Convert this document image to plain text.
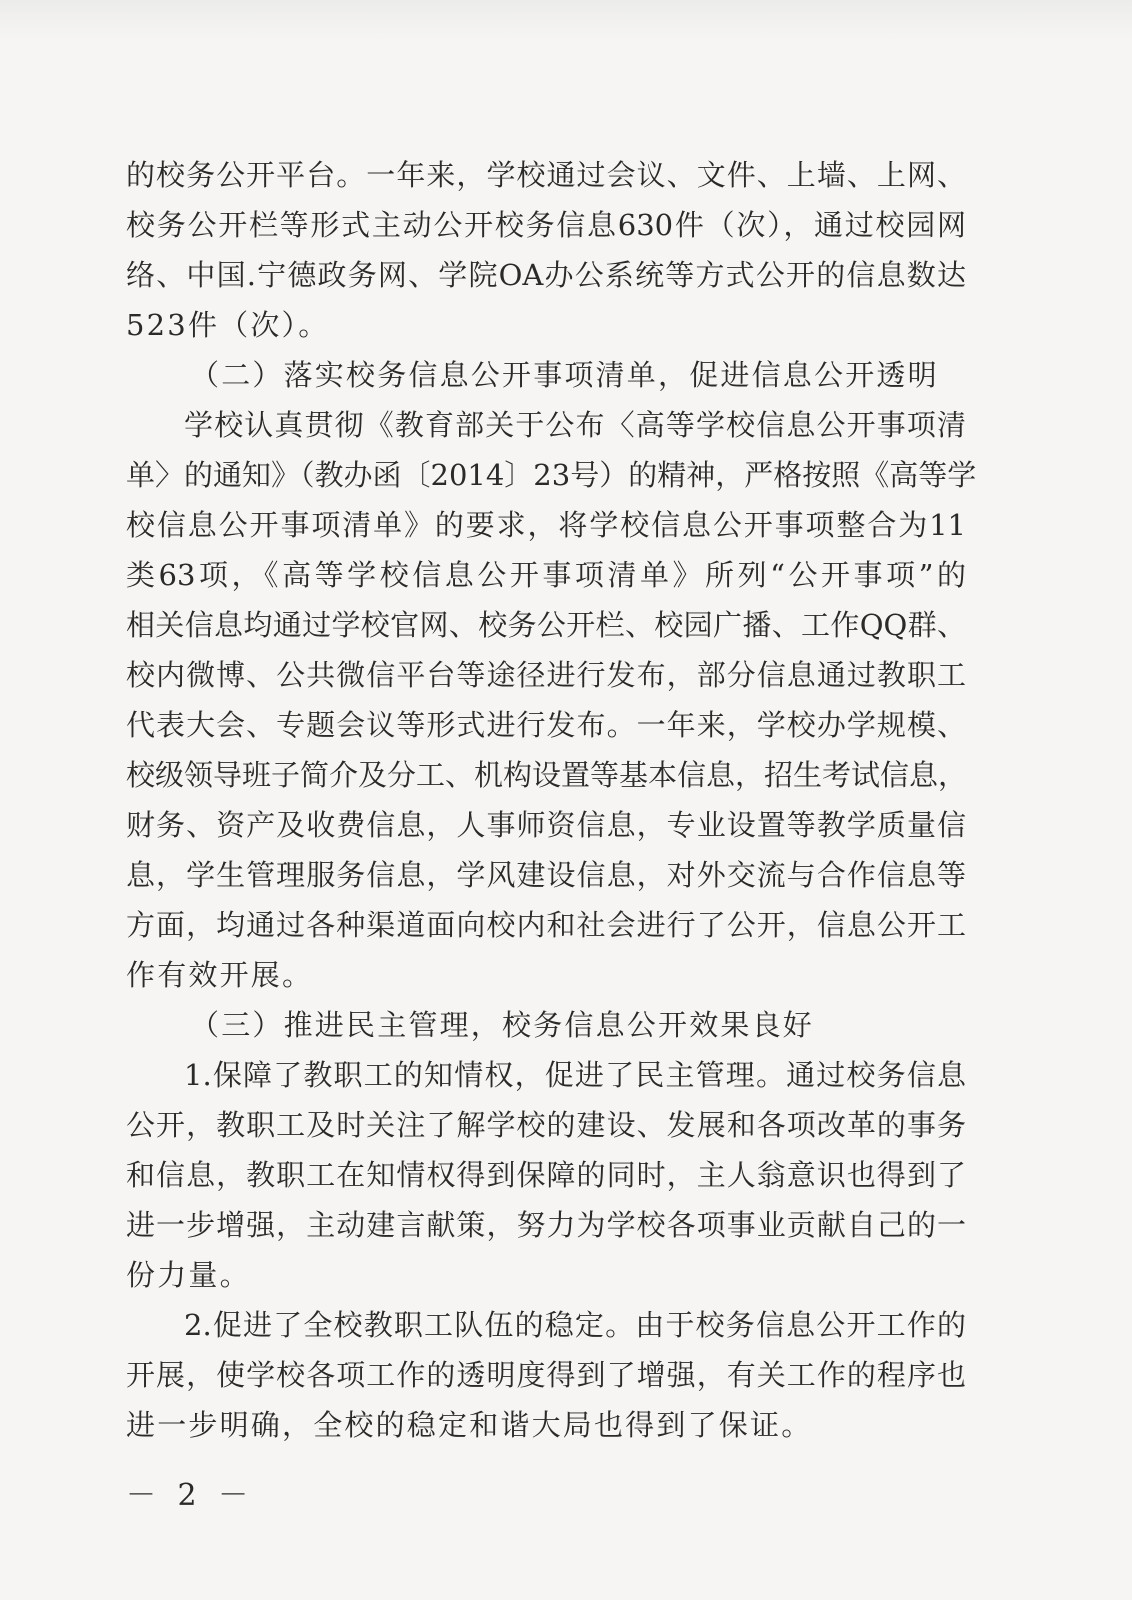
的校务公开平台。一年来，学校通过会议、文件、上墙、上网、
校务公开栏等形式主动公开校务信息630件（次），通过校园网
络、中国.宁德政务网、学院OA办公系统等方式公开的信息数达
523件（次）。
（二）落实校务信息公开事项清单，促进信息公开透明
学校认真贯彻《教育部关于公布〈高等学校信息公开事项清
单〉的通知》（教办函〔2014〕23号）的精神，严格按照《高等学
校信息公开事项清单》的要求，将学校信息公开事项整合为11
类63项，《高等学校信息公开事项清单》所列“公开事项”的
相关信息均通过学校官网、校务公开栏、校园广播、工作QQ群、
校内微博、公共微信平台等途径进行发布，部分信息通过教职工
代表大会、专题会议等形式进行发布。一年来，学校办学规模、
校级领导班子简介及分工、机构设置等基本信息，招生考试信息，
财务、资产及收费信息，人事师资信息，专业设置等教学质量信
息，学生管理服务信息，学风建设信息，对外交流与合作信息等
方面，均通过各种渠道面向校内和社会进行了公开，信息公开工
作有效开展。
（三）推进民主管理，校务信息公开效果良好
1.保障了教职工的知情权，促进了民主管理。通过校务信息
公开，教职工及时关注了解学校的建设、发展和各项改革的事务
和信息，教职工在知情权得到保障的同时，主人翁意识也得到了
进一步增强，主动建言献策，努力为学校各项事业贡献自己的一
份力量。
2.促进了全校教职工队伍的稳定。由于校务信息公开工作的
开展，使学校各项工作的透明度得到了增强，有关工作的程序也
进一步明确，全校的稳定和谐大局也得到了保证。
－ 2 －
